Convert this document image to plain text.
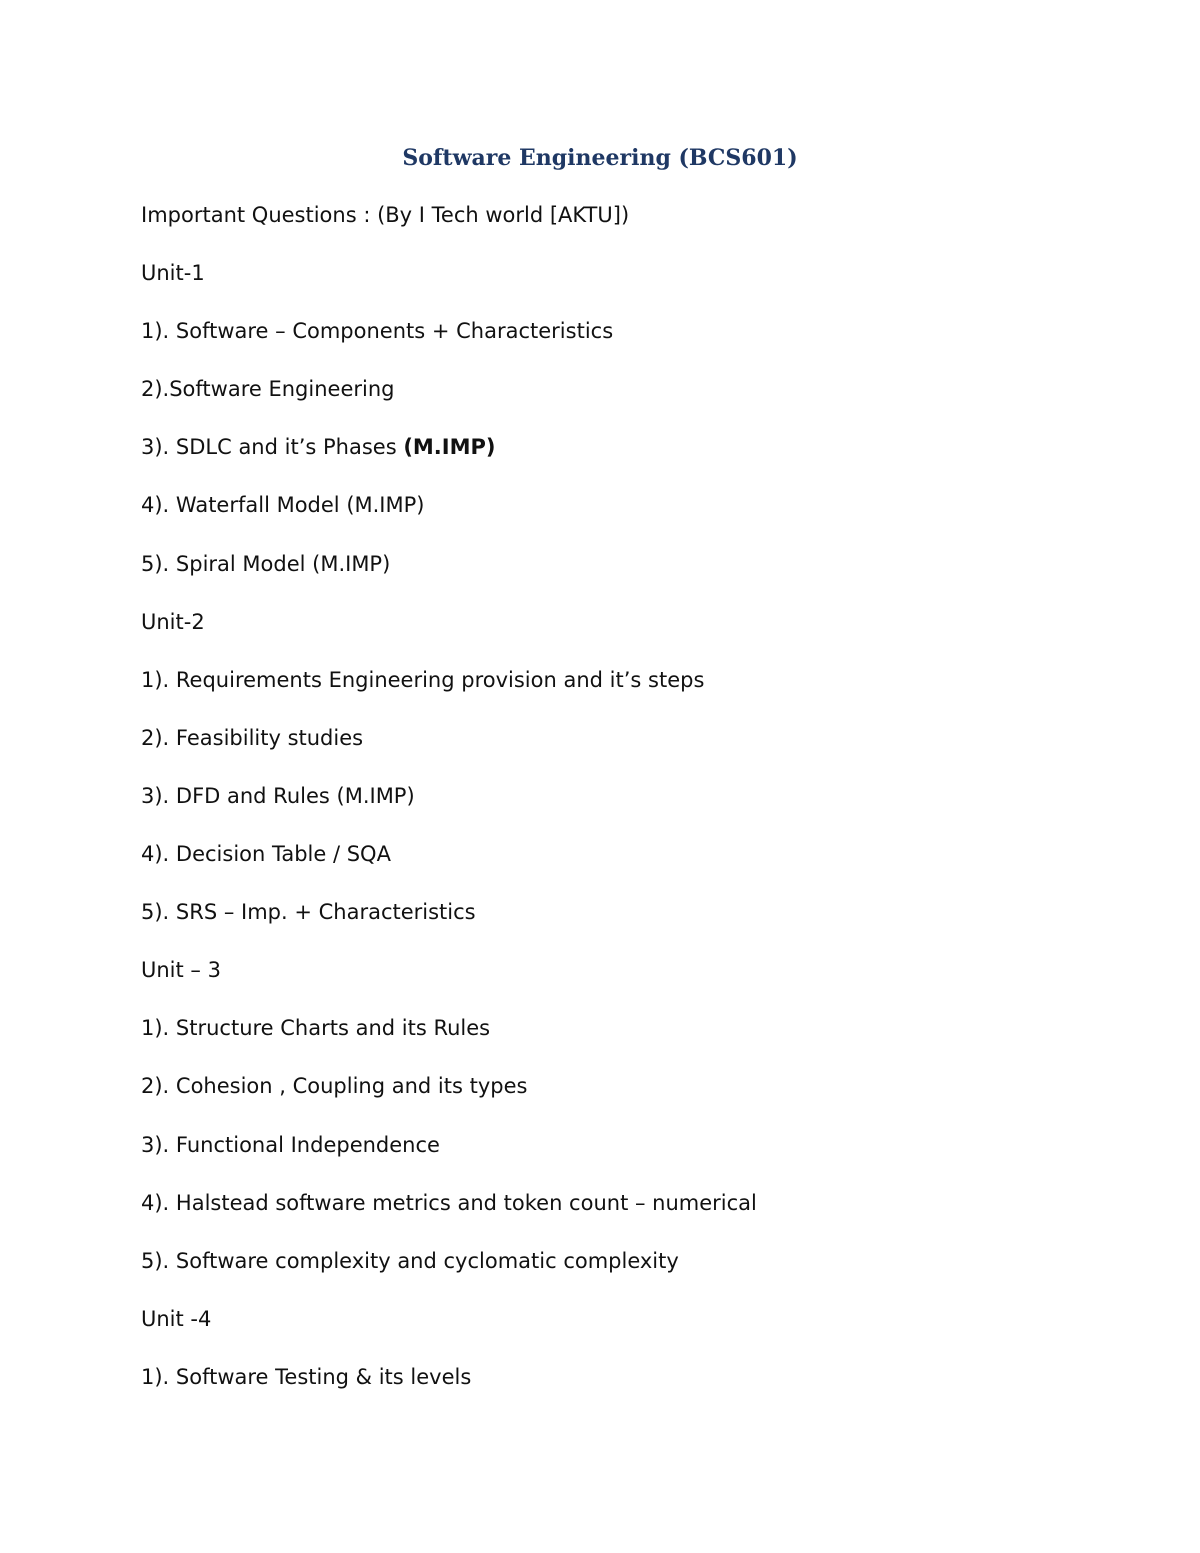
Software Engineering (BCS601)
Important Questions : (By I Tech world [AKTU])
Unit-1
1). Software – Components + Characteristics
2).Software Engineering
3). SDLC and it’s Phases (M.IMP)
4). Waterfall Model (M.IMP)
5). Spiral Model (M.IMP)
Unit-2
1). Requirements Engineering provision and it’s steps
2). Feasibility studies
3). DFD and Rules (M.IMP)
4). Decision Table / SQA
5). SRS – Imp. + Characteristics
Unit – 3
1). Structure Charts and its Rules
2). Cohesion , Coupling and its types
3). Functional Independence
4). Halstead software metrics and token count – numerical
5). Software complexity and cyclomatic complexity
Unit -4
1). Software Testing & its levels
